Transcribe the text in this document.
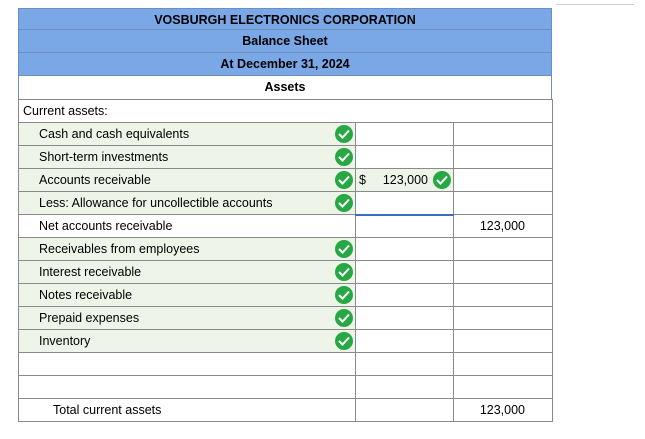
VOSBURGH ELECTRONICS CORPORATION
Balance Sheet
At December 31, 2024
Assets
Current assets:		
Cash and cash equivalents

Short-term investments

Accounts receivable	$ 123,000	

Less: Allowance for uncollectible accounts

Net accounts receivable		123,000
Receivables from employees

Interest receivable

Notes receivable

Prepaid expenses

Inventory

Total current assets		123,000
